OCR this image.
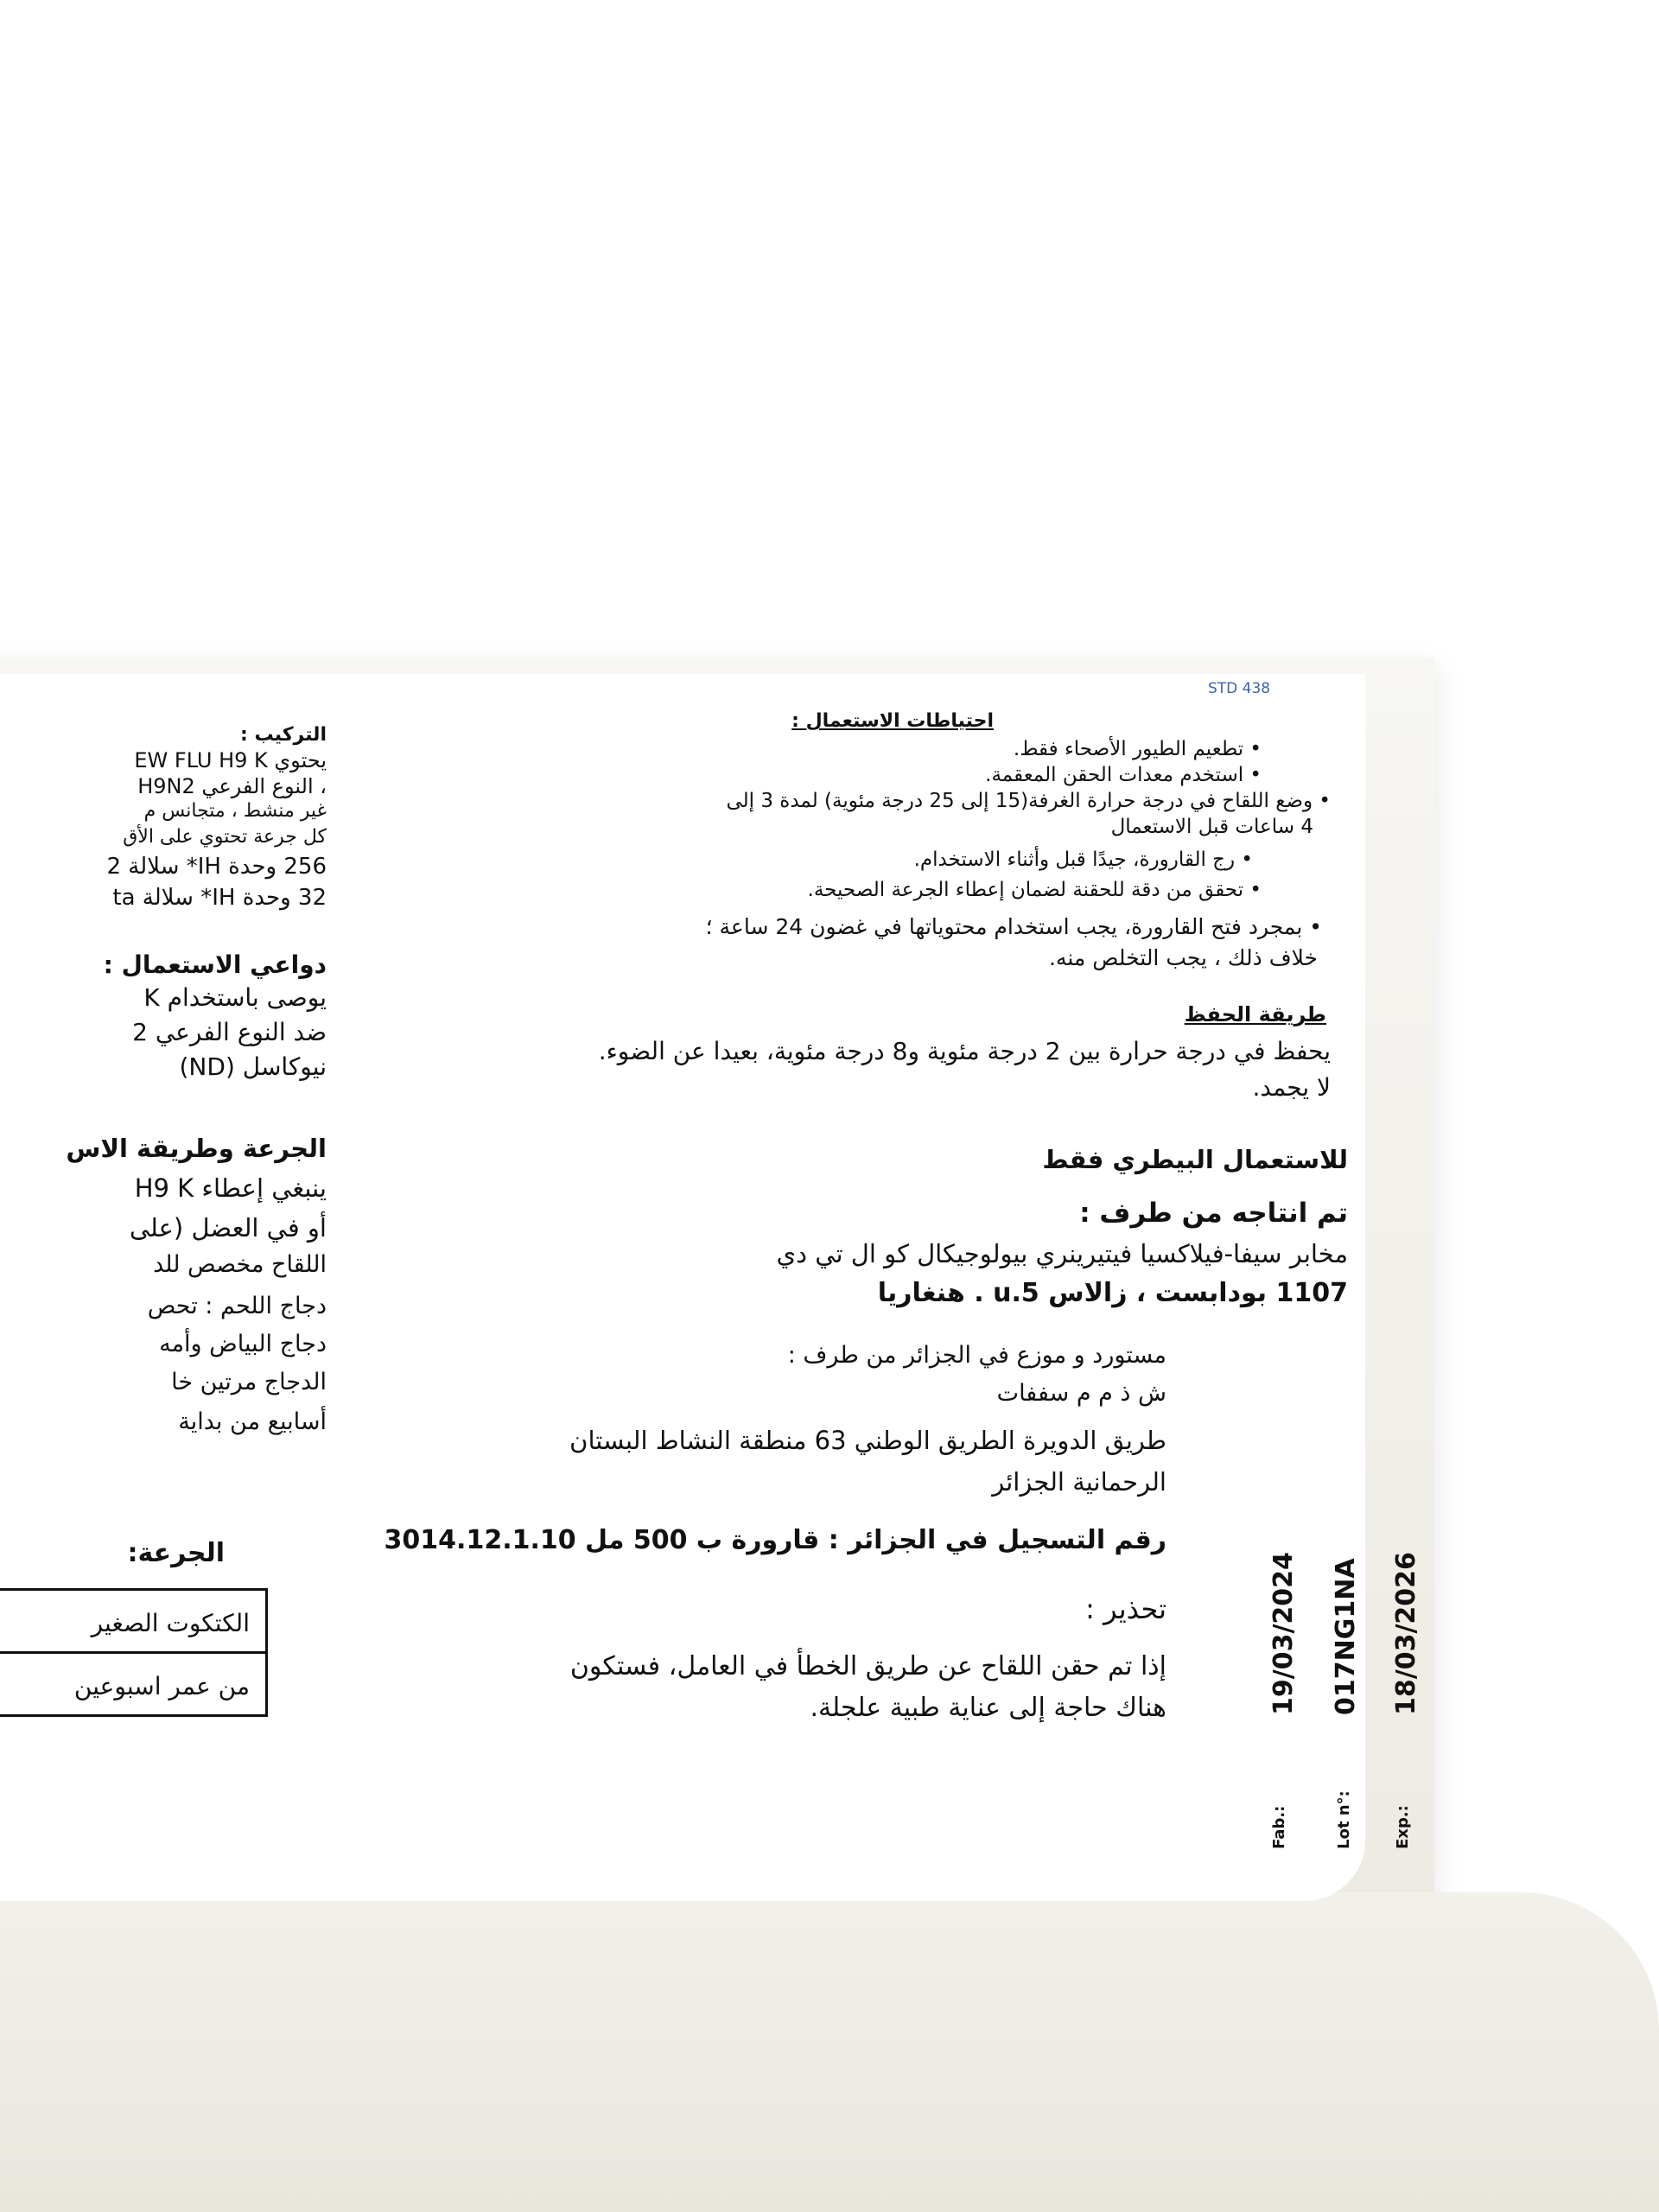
STD 438
احتياطات الاستعمال :
• تطعيم الطيور الأصحاء فقط.
• استخدم معدات الحقن المعقمة.
• وضع اللقاح في درجة حرارة الغرفة(15 إلى 25 درجة مئوية) لمدة 3 إلى
4 ساعات قبل الاستعمال
• رج القارورة، جيدًا قبل وأثناء الاستخدام.
• تحقق من دقة للحقنة لضمان إعطاء الجرعة الصحيحة.
• بمجرد فتح القارورة، يجب استخدام محتوياتها في غضون 24 ساعة ؛
خلاف ذلك ، يجب التخلص منه.
طريقة الحفظ
يحفظ في درجة حرارة بين 2 درجة مئوية و8 درجة مئوية، بعيدا عن الضوء.
لا يجمد.
للاستعمال البيطري فقط
تم انتاجه من طرف :
مخابر سيفا-فيلاكسيا فيتيرينري بيولوجيكال كو ال تي دي
1107 بودابست ، زالاس u.5 . هنغاريا
مستورد و موزع في الجزائر من طرف :
ش ذ م م سففات
طريق الدويرة الطريق الوطني 63 منطقة النشاط البستان
الرحمانية الجزائر
رقم التسجيل في الجزائر : قارورة ب 500 مل 3014.12.1.10
تحذير :
إذا تم حقن اللقاح عن طريق الخطأ في العامل، فستكون
هناك حاجة إلى عناية طبية علجلة.	19/03/2024 017NG1NA 18/03/2026
Fab.:	Lot n°:	Exp.:
التركيب :
يحتوي EW FLU H9 K
، النوع الفرعي H9N2
غير منشط ، متجانس م
كل جرعة تحتوي على الأق
256 وحدة IH* سلالة 2
32 وحدة IH* سلالة ta
دواعي الاستعمال :
يوصى باستخدام K
ضد النوع الفرعي 2
نيوكاسل (ND)
الجرعة وطريقة الاس
ينبغي إعطاء H9 K
أو في العضل (على
اللقاح مخصص للد
دجاج اللحم : تحص
دجاج البياض وأمه
الدجاج مرتين خا
أسابيع من بداية
الجرعة:
الكتكوت الصغير
من عمر اسبوعين
